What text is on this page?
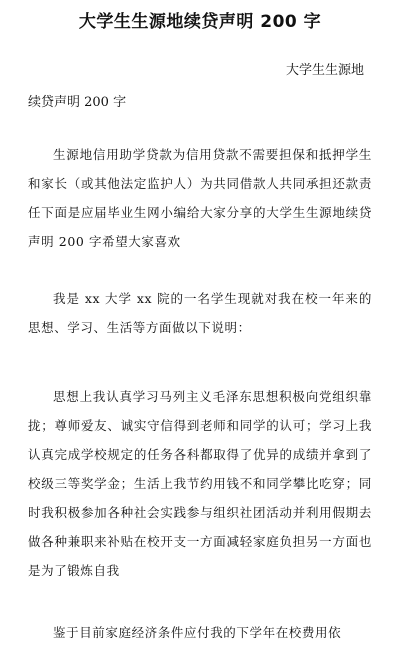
大学生生源地续贷声明 200 字
大学生生源地
续贷声明 200 字

生源地信用助学贷款为信用贷款不需要担保和抵押学生和家长（或其他法定监护人）为共同借款人共同承担还款责任下面是应届毕业生网小编给大家分享的大学生生源地续贷声明 200 字希望大家喜欢

我是 xx 大学 xx 院的一名学生现就对我在校一年来的思想、学习、生活等方面做以下说明：

思想上我认真学习马列主义毛泽东思想积极向党组织靠拢；尊师爱友、诚实守信得到老师和同学的认可；学习上我认真完成学校规定的任务各科都取得了优异的成绩并拿到了校级三等奖学金；生活上我节约用钱不和同学攀比吃穿；同时我积极参加各种社会实践参与组织社团活动并利用假期去做各种兼职来补贴在校开支一方面减轻家庭负担另一方面也是为了锻炼自我

鉴于目前家庭经济条件应付我的下学年在校费用依
